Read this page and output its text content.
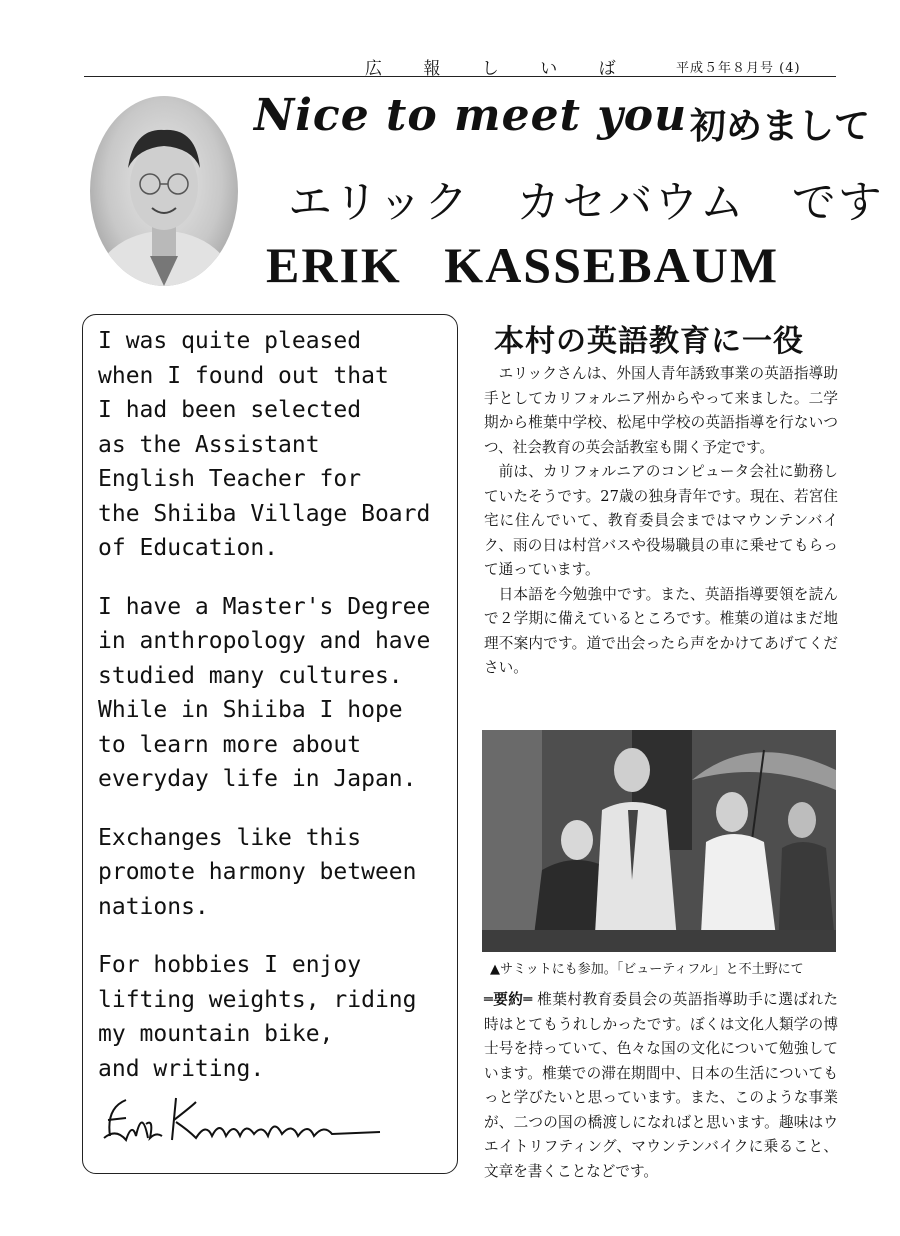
広 報 し い ば	平成５年８月号 (4)
Nice to meet you 初めまして
エリック　カセバウム　です
ERIK KASSEBAUM

I was quite pleased
when I found out that
I had been selected
as the Assistant
English Teacher for
the Shiiba Village Board
of Education.

I have a Master's Degree
in anthropology and have
studied many cultures.
While in Shiiba I hope
to learn more about
everyday life in Japan.

Exchanges like this
promote harmony between
nations.

For hobbies I enjoy
lifting weights, riding
my mountain bike,
and writing.

本村の英語教育に一役

エリックさんは、外国人青年誘致事業の英語指導助手としてカリフォルニア州からやって来ました。二学期から椎葉中学校、松尾中学校の英語指導を行ないつつ、社会教育の英会話教室も開く予定です。

前は、カリフォルニアのコンピュータ会社に勤務していたそうです。27歳の独身青年です。現在、若宮住宅に住んでいて、教育委員会まではマウンテンバイク、雨の日は村営バスや役場職員の車に乗せてもらって通っています。

日本語を今勉強中です。また、英語指導要領を読んで２学期に備えているところです。椎葉の道はまだ地理不案内です。道で出会ったら声をかけてあげてください。

▲サミットにも参加。「ビューティフル」と不土野にて
═要約═ 椎葉村教育委員会の英語指導助手に選ばれた時はとてもうれしかったです。ぼくは文化人類学の博士号を持っていて、色々な国の文化について勉強しています。椎葉での滞在期間中、日本の生活についてもっと学びたいと思っています。また、このような事業が、二つの国の橋渡しになればと思います。趣味はウエイトリフティング、マウンテンバイクに乗ること、文章を書くことなどです。
